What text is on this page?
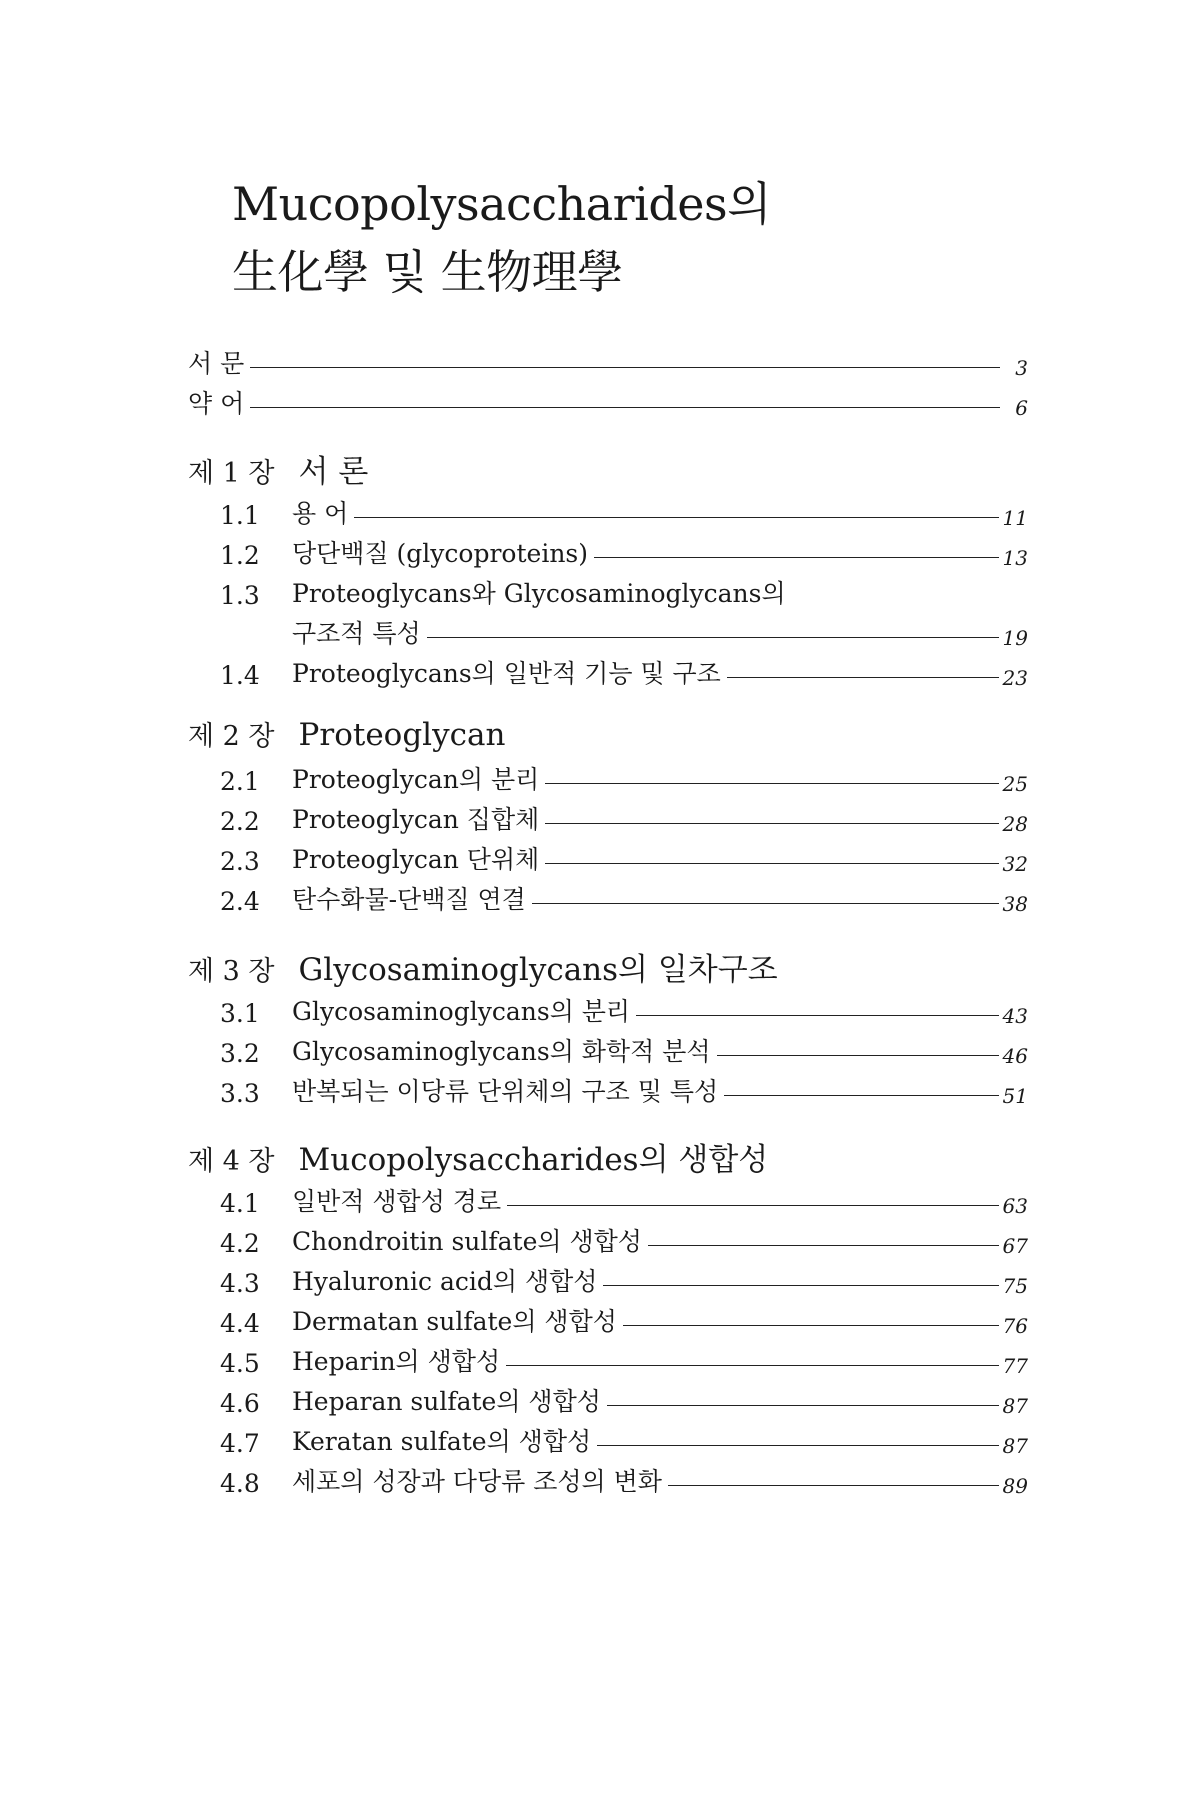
Mucopolysaccharides의
生化學 및 生物理學
서 문	3
약 어	6
제 1 장 서 론
1.1	용 어	11
1.2	당단백질 (glycoproteins)	13
1.3	Proteoglycans와 Glycosaminoglycans의
구조적 특성	19
1.4	Proteoglycans의 일반적 기능 및 구조	23
제 2 장 Proteoglycan
2.1	Proteoglycan의 분리	25
2.2	Proteoglycan 집합체	28
2.3	Proteoglycan 단위체	32
2.4	탄수화물-단백질 연결	38
제 3 장 Glycosaminoglycans의 일차구조
3.1	Glycosaminoglycans의 분리	43
3.2	Glycosaminoglycans의 화학적 분석	46
3.3	반복되는 이당류 단위체의 구조 및 특성	51
제 4 장 Mucopolysaccharides의 생합성
4.1	일반적 생합성 경로	63
4.2	Chondroitin sulfate의 생합성	67
4.3	Hyaluronic acid의 생합성	75
4.4	Dermatan sulfate의 생합성	76
4.5	Heparin의 생합성	77
4.6	Heparan sulfate의 생합성	87
4.7	Keratan sulfate의 생합성	87
4.8	세포의 성장과 다당류 조성의 변화	89
